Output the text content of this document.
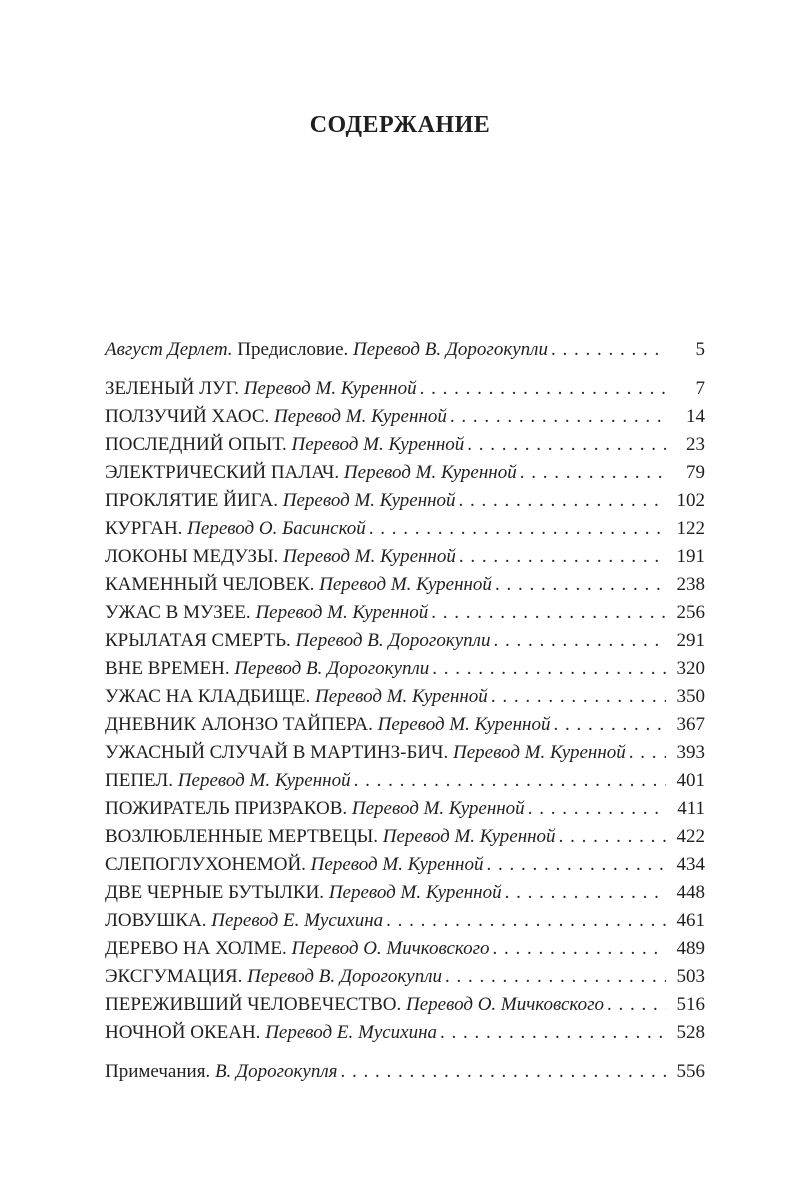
СОДЕРЖАНИЕ
Август Дерлет. Предисловие. Перевод В. Дорогокупли . . .	5
ЗЕЛЕНЫЙ ЛУГ. Перевод М. Куренной . . .	7
ПОЛЗУЧИЙ ХАОС. Перевод М. Куренной . . .	14
ПОСЛЕДНИЙ ОПЫТ. Перевод М. Куренной . . .	23
ЭЛЕКТРИЧЕСКИЙ ПАЛАЧ. Перевод М. Куренной . . .	79
ПРОКЛЯТИЕ ЙИГА. Перевод М. Куренной . . .	102
КУРГАН. Перевод О. Басинской . . .	122
ЛОКОНЫ МЕДУЗЫ. Перевод М. Куренной . . .	191
КАМЕННЫЙ ЧЕЛОВЕК. Перевод М. Куренной . . .	238
УЖАС В МУЗЕЕ. Перевод М. Куренной . . .	256
КРЫЛАТАЯ СМЕРТЬ. Перевод В. Дорогокупли . . .	291
ВНЕ ВРЕМЕН. Перевод В. Дорогокупли . . .	320
УЖАС НА КЛАДБИЩЕ. Перевод М. Куренной . . .	350
ДНЕВНИК АЛОНЗО ТАЙПЕРА. Перевод М. Куренной . . .	367
УЖАСНЫЙ СЛУЧАЙ В МАРТИНЗ-БИЧ. Перевод М. Куренной . . .	393
ПЕПЕЛ. Перевод М. Куренной . . .	401
ПОЖИРАТЕЛЬ ПРИЗРАКОВ. Перевод М. Куренной . . .	411
ВОЗЛЮБЛЕННЫЕ МЕРТВЕЦЫ. Перевод М. Куренной . . .	422
СЛЕПОГЛУХОНЕМОЙ. Перевод М. Куренной . . .	434
ДВЕ ЧЕРНЫЕ БУТЫЛКИ. Перевод М. Куренной . . .	448
ЛОВУШКА. Перевод Е. Мусихина . . .	461
ДЕРЕВО НА ХОЛМЕ. Перевод О. Мичковского . . .	489
ЭКСГУМАЦИЯ. Перевод В. Дорогокупли . . .	503
ПЕРЕЖИВШИЙ ЧЕЛОВЕЧЕСТВО. Перевод О. Мичковского . . .	516
НОЧНОЙ ОКЕАН. Перевод Е. Мусихина . . .	528
Примечания. В. Дорогокупля . . .	556
